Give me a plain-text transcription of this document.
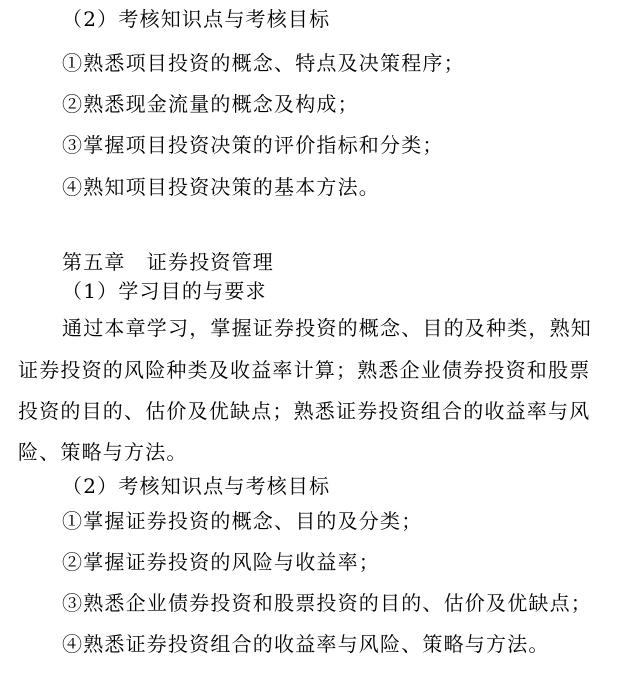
（2）考核知识点与考核目标
①熟悉项目投资的概念、特点及决策程序；
②熟悉现金流量的概念及构成；
③掌握项目投资决策的评价指标和分类；
④熟知项目投资决策的基本方法。
第五章　证券投资管理
（1）学习目的与要求
通过本章学习，掌握证券投资的概念、目的及种类，熟知
证券投资的风险种类及收益率计算；熟悉企业债券投资和股票
投资的目的、估价及优缺点；熟悉证券投资组合的收益率与风
险、策略与方法。
（2）考核知识点与考核目标
①掌握证券投资的概念、目的及分类；
②掌握证券投资的风险与收益率；
③熟悉企业债券投资和股票投资的目的、估价及优缺点；
④熟悉证券投资组合的收益率与风险、策略与方法。
